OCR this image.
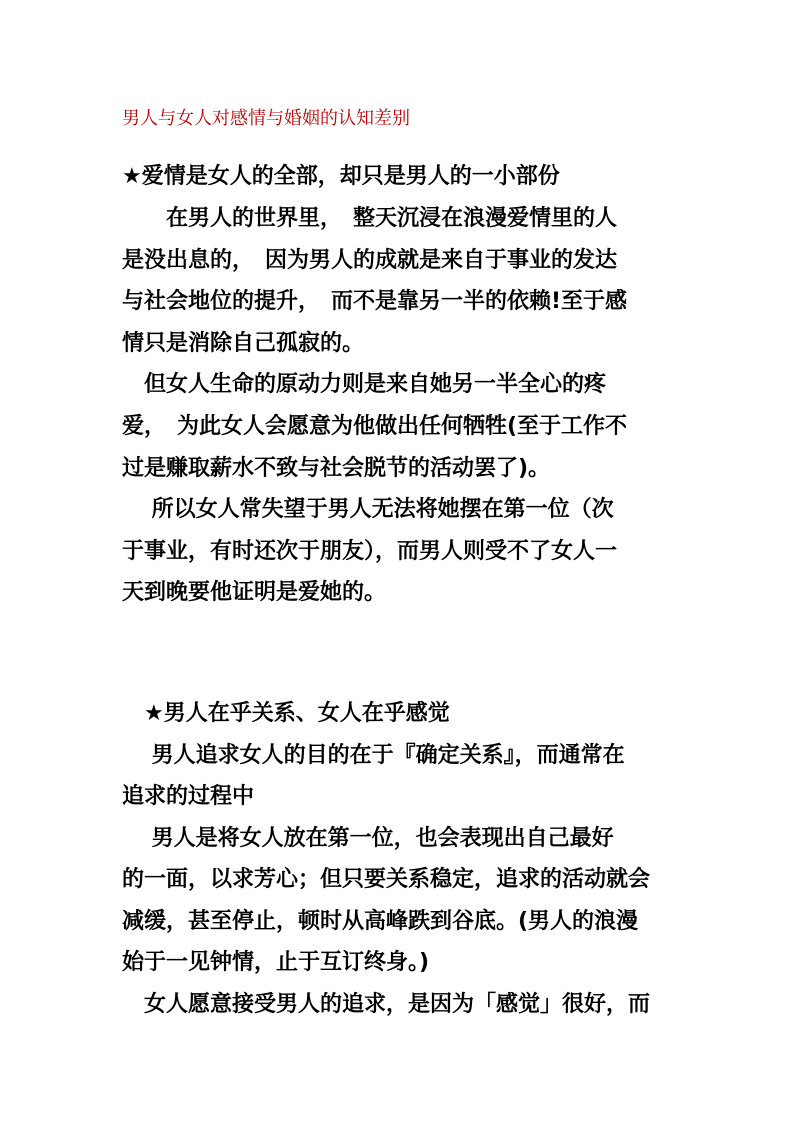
男人与女人对感情与婚姻的认知差别
★爱情是女人的全部，却只是男人的一小部份
　　在男人的世界里，　整天沉浸在浪漫爱情里的人
是没出息的，　因为男人的成就是来自于事业的发达
与社会地位的提升，　而不是靠另一半的依赖!至于感
情只是消除自己孤寂的。
　但女人生命的原动力则是来自她另一半全心的疼
爱，　为此女人会愿意为他做出任何牺牲(至于工作不
过是赚取薪水不致与社会脱节的活动罢了)。
　 所以女人常失望于男人无法将她摆在第一位（次
于事业，有时还次于朋友），而男人则受不了女人一
天到晚要他证明是爱她的。
　★男人在乎关系、女人在乎感觉
　 男人追求女人的目的在于『确定关系』，而通常在
追求的过程中
　 男人是将女人放在第一位，也会表现出自己最好
的一面，以求芳心；但只要关系稳定，追求的活动就会
减缓，甚至停止，顿时从高峰跌到谷底。(男人的浪漫
始于一见钟情，止于互订终身。)
　女人愿意接受男人的追求，是因为「感觉」很好，而
